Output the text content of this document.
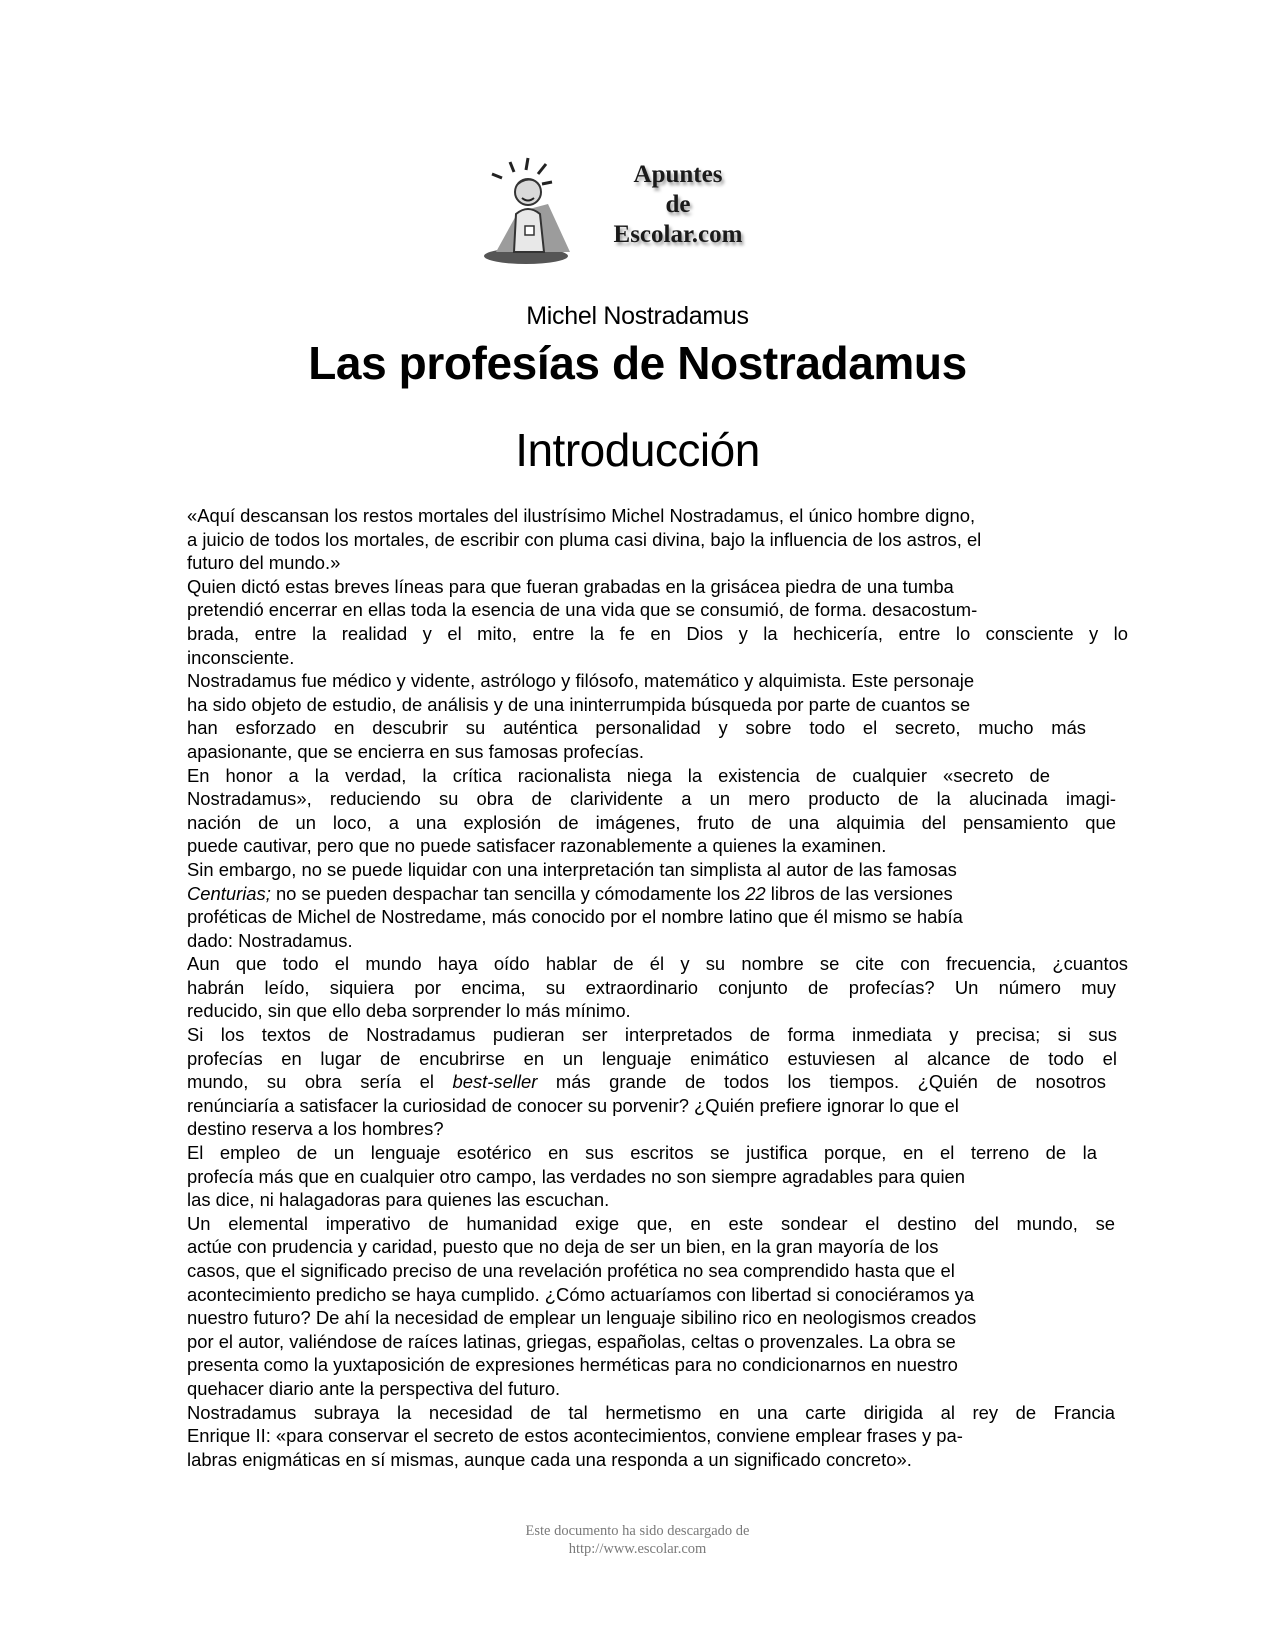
Apuntes
de
Escolar.com
Michel Nostradamus
Las profesías de Nostradamus
Introducción
«Aquí descansan los restos mortales del ilustrísimo Michel Nostradamus, el único hombre digno,
a juicio de todos los mortales, de escribir con pluma casi divina, bajo la influencia de los astros, el
futuro del mundo.»
Quien dictó estas breves líneas para que fueran grabadas en la grisácea piedra de una tumba
pretendió encerrar en ellas toda la esencia de una vida que se consumió, de forma. desacostum-
brada, entre la realidad y el mito, entre la fe en Dios y la hechicería, entre lo consciente y lo
inconsciente.
Nostradamus fue médico y vidente, astrólogo y filósofo, matemático y alquimista. Este personaje
ha sido objeto de estudio, de análisis y de una ininterrumpida búsqueda por parte de cuantos se
han esforzado en descubrir su auténtica personalidad y sobre todo el secreto, mucho más
apasionante, que se encierra en sus famosas profecías.
En honor a la verdad, la crítica racionalista niega la existencia de cualquier «secreto de
Nostradamus», reduciendo su obra de clarividente a un mero producto de la alucinada imagi-
nación de un loco, a una explosión de imágenes, fruto de una alquimia del pensamiento que
puede cautivar, pero que no puede satisfacer razonablemente a quienes la examinen.
Sin embargo, no se puede liquidar con una interpretación tan simplista al autor de las famosas
Centurias; no se pueden despachar tan sencilla y cómodamente los 22 libros de las versiones
proféticas de Michel de Nostredame, más conocido por el nombre latino que él mismo se había
dado: Nostradamus.
Aun que todo el mundo haya oído hablar de él y su nombre se cite con frecuencia, ¿cuantos
habrán leído, siquiera por encima, su extraordinario conjunto de profecías? Un número muy
reducido, sin que ello deba sorprender lo más mínimo.
Si los textos de Nostradamus pudieran ser interpretados de forma inmediata y precisa; si sus
profecías en lugar de encubrirse en un lenguaje enimático estuviesen al alcance de todo el
mundo, su obra sería el best-seller más grande de todos los tiempos. ¿Quién de nosotros
renúnciaría a satisfacer la curiosidad de conocer su porvenir? ¿Quién prefiere ignorar lo que el
destino reserva a los hombres?
El empleo de un lenguaje esotérico en sus escritos se justifica porque, en el terreno de la
profecía más que en cualquier otro campo, las verdades no son siempre agradables para quien
las dice, ni halagadoras para quienes las escuchan.
Un elemental imperativo de humanidad exige que, en este sondear el destino del mundo, se
actúe con prudencia y caridad, puesto que no deja de ser un bien, en la gran mayoría de los
casos, que el significado preciso de una revelación profética no sea comprendido hasta que el
acontecimiento predicho se haya cumplido. ¿Cómo actuaríamos con libertad si conociéramos ya
nuestro futuro? De ahí la necesidad de emplear un lenguaje sibilino rico en neologismos creados
por el autor, valiéndose de raíces latinas, griegas, españolas, celtas o provenzales. La obra se
presenta como la yuxtaposición de expresiones herméticas para no condicionarnos en nuestro
quehacer diario ante la perspectiva del futuro.
Nostradamus subraya la necesidad de tal hermetismo en una carte dirigida al rey de Francia
Enrique II: «para conservar el secreto de estos acontecimientos, conviene emplear frases y pa-
labras enigmáticas en sí mismas, aunque cada una responda a un significado concreto».
Este documento ha sido descargado de
http://www.escolar.com
